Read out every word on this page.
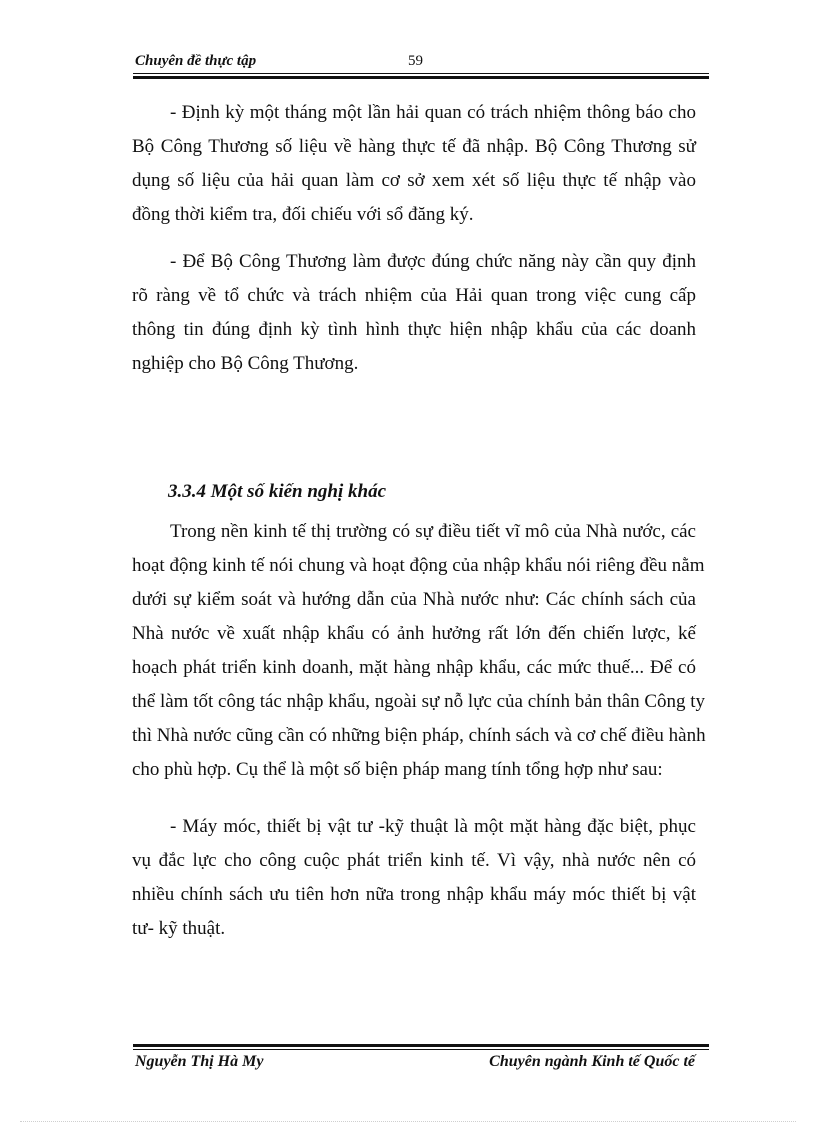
Chuyên đề thực tập	59
- Định kỳ một tháng một lần hải quan có trách nhiệm thông báo cho
Bộ Công Thương số liệu về hàng thực tế đã nhập. Bộ Công Thương sử
dụng số liệu của hải quan làm cơ sở xem xét số liệu thực tế nhập vào
đồng thời kiểm tra, đối chiếu với sổ đăng ký.
- Để Bộ Công Thương làm được đúng chức năng này cần quy định
rõ ràng về tổ chức và trách nhiệm của Hải quan trong việc cung cấp
thông tin đúng định kỳ tình hình thực hiện nhập khẩu của các doanh
nghiệp cho Bộ Công Thương.
3.3.4 Một số kiến nghị khác
Trong nền kinh tế thị trường có sự điều tiết vĩ mô của Nhà nước, các
hoạt động kinh tế nói chung và hoạt động của nhập khẩu nói riêng đều nằm
dưới sự kiểm soát và hướng dẫn của Nhà nước như: Các chính sách của
Nhà nước về xuất nhập khẩu có ảnh hưởng rất lớn đến chiến lược, kế
hoạch phát triển kinh doanh, mặt hàng nhập khẩu, các mức thuế... Để có
thể làm tốt công tác nhập khẩu, ngoài sự nỗ lực của chính bản thân Công ty
thì Nhà nước cũng cần có những biện pháp, chính sách và cơ chế điều hành
cho phù hợp. Cụ thể là một số biện pháp mang tính tổng hợp như sau:
- Máy móc, thiết bị vật tư -kỹ thuật là một mặt hàng đặc biệt, phục
vụ đắc lực cho công cuộc phát triển kinh tế. Vì vậy, nhà nước nên có
nhiều chính sách ưu tiên hơn nữa trong nhập khẩu máy móc thiết bị vật
tư- kỹ thuật.
Nguyễn Thị Hà My	Chuyên ngành Kinh tế Quốc tế
